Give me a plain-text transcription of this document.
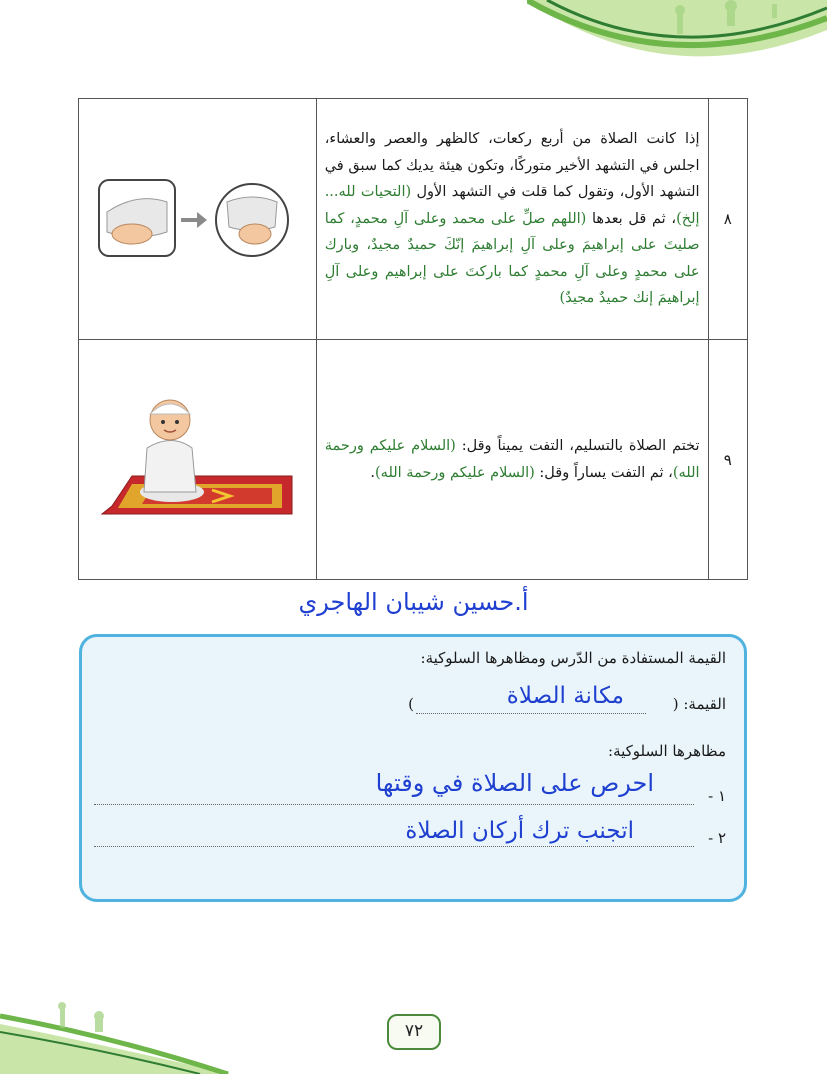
٨	إذا كانت الصلاة من أربع ركعات، كالظهر والعصر والعشاء، اجلس في التشهد الأخير متوركًا، وتكون هيئة يديك كما سبق في التشهد الأول، وتقول كما قلت في التشهد الأول (التحيات لله... إلخ)، ثم قل بعدها (اللهم صلِّ على محمد وعلى آلِ محمدٍ، كما صليتَ على إبراهيمَ وعلى آلِ إبراهيمَ إنّكَ حميدٌ مجيدٌ، وبارك على محمدٍ وعلى آلِ محمدٍ كما باركتَ على إبراهيم وعلى آلِ إبراهيمَ إنك حميدٌ مجيدٌ)	
٩	تختم الصلاة بالتسليم، التفت يميناً وقل: (السلام عليكم ورحمة الله)، ثم التفت يساراً وقل: (السلام عليكم ورحمة الله).	
أ.حسين شيبان الهاجري
القيمة المستفادة من الدّرس ومظاهرها السلوكية:
القيمة: (
مكانة الصلاة
)
مظاهرها السلوكية:
١ -
احرص على الصلاة في وقتها
٢ -
اتجنب ترك أركان الصلاة
٧٢
